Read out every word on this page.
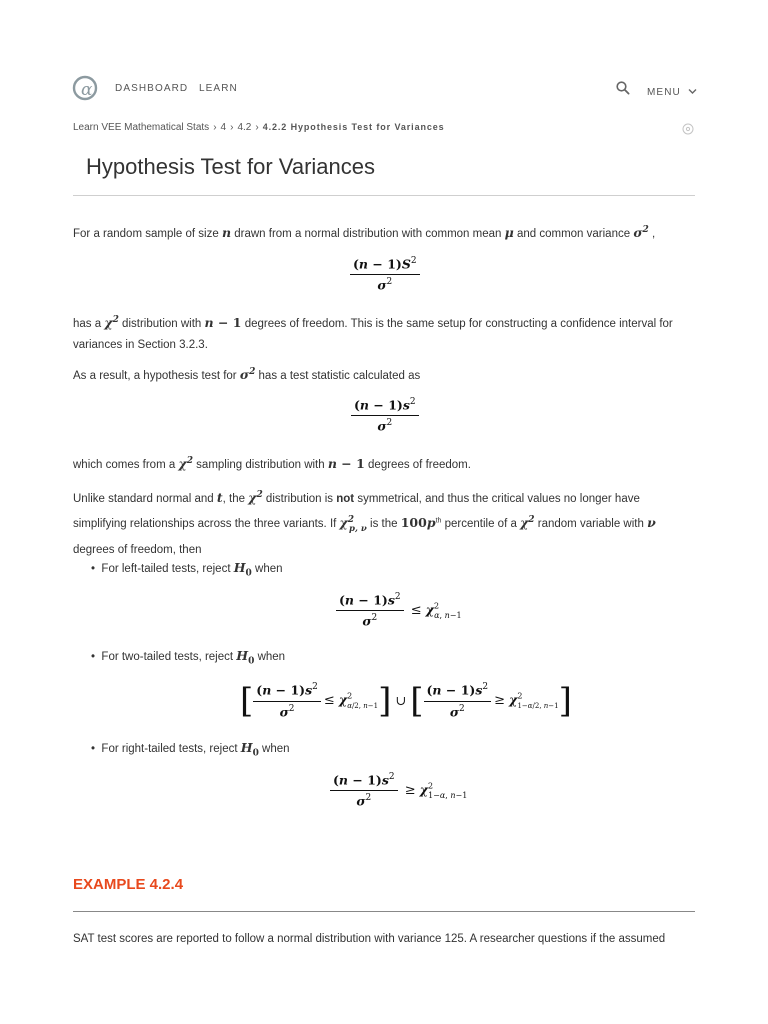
α DASHBOARD LEARN	MENU
Learn VEE Mathematical Stats › 4 › 4.2 › 4.2.2 Hypothesis Test for Variances
Hypothesis Test for Variances
For a random sample of size n drawn from a normal distribution with common mean μ and common variance $\sigma^2$ ,
$\frac{(n - 1)S^2}{\sigma^2}$
has a $\chi^2$ distribution with n − 1 degrees of freedom. This is the same setup for constructing a confidence interval for variances in Section 3.2.3.
As a result, a hypothesis test for $\sigma^2$ has a test statistic calculated as
$\frac{(n - 1)s^2}{\sigma^2}$
which comes from a $\chi^2$ sampling distribution with n − 1 degrees of freedom.
Unlike standard normal and t, the $\chi^2$ distribution is not symmetrical, and thus the critical values no longer have
simplifying relationships across the three variants. If $\chi^2_{p, \nu}$ is the $100p^{th}$ percentile of a $\chi^2$ random variable with ν
degrees of freedom, then
•  For left-tailed tests, reject $H_0$ when
$\frac{(n - 1)s^2}{\sigma^2} \le \chi^2_{\alpha, n-1}$
•  For two-tailed tests, reject $H_0$ when
[ $\frac{(n - 1)s^2}{\sigma^2} \le \chi^2_{\alpha/2, n-1}$] ∪ [ $\frac{(n - 1)s^2}{\sigma^2} \ge \chi^2_{1-\alpha/2, n-1}$]
•  For right-tailed tests, reject $H_0$ when
$\frac{(n - 1)s^2}{\sigma^2} \ge \chi^2_{1-\alpha, n-1}$
EXAMPLE 4.2.4
SAT test scores are reported to follow a normal distribution with variance 125. A researcher questions if the assumed
